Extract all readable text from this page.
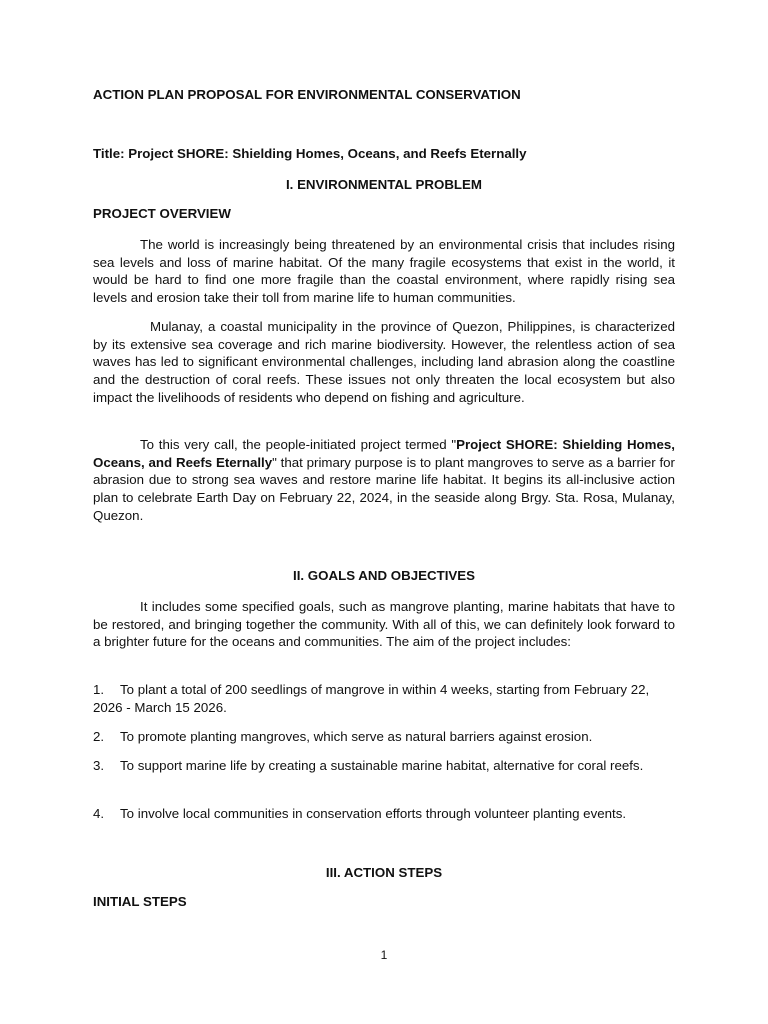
ACTION PLAN PROPOSAL FOR ENVIRONMENTAL CONSERVATION

Title: Project SHORE: Shielding Homes, Oceans, and Reefs Eternally

I. ENVIRONMENTAL PROBLEM

PROJECT OVERVIEW

The world is increasingly being threatened by an environmental crisis that includes rising sea levels and loss of marine habitat. Of the many fragile ecosystems that exist in the world, it would be hard to find one more fragile than the coastal environment, where rapidly rising sea levels and erosion take their toll from marine life to human communities.

Mulanay, a coastal municipality in the province of Quezon, Philippines, is characterized by its extensive sea coverage and rich marine biodiversity. However, the relentless action of sea waves has led to significant environmental challenges, including land abrasion along the coastline and the destruction of coral reefs. These issues not only threaten the local ecosystem but also impact the livelihoods of residents who depend on fishing and agriculture.

To this very call, the people-initiated project termed "Project SHORE: Shielding Homes, Oceans, and Reefs Eternally" that primary purpose is to plant mangroves to serve as a barrier for abrasion due to strong sea waves and restore marine life habitat. It begins its all-inclusive action plan to celebrate Earth Day on February 22, 2024, in the seaside along Brgy. Sta. Rosa, Mulanay, Quezon.

II. GOALS AND OBJECTIVES

It includes some specified goals, such as mangrove planting, marine habitats that have to be restored, and bringing together the community. With all of this, we can definitely look forward to a brighter future for the oceans and communities. The aim of the project includes:

1. To plant a total of 200 seedlings of mangrove in within 4 weeks, starting from February 22, 2026 - March 15 2026.
2. To promote planting mangroves, which serve as natural barriers against erosion.
3. To support marine life by creating a sustainable marine habitat, alternative for coral reefs.
4. To involve local communities in conservation efforts through volunteer planting events.

III. ACTION STEPS

INITIAL STEPS

1
